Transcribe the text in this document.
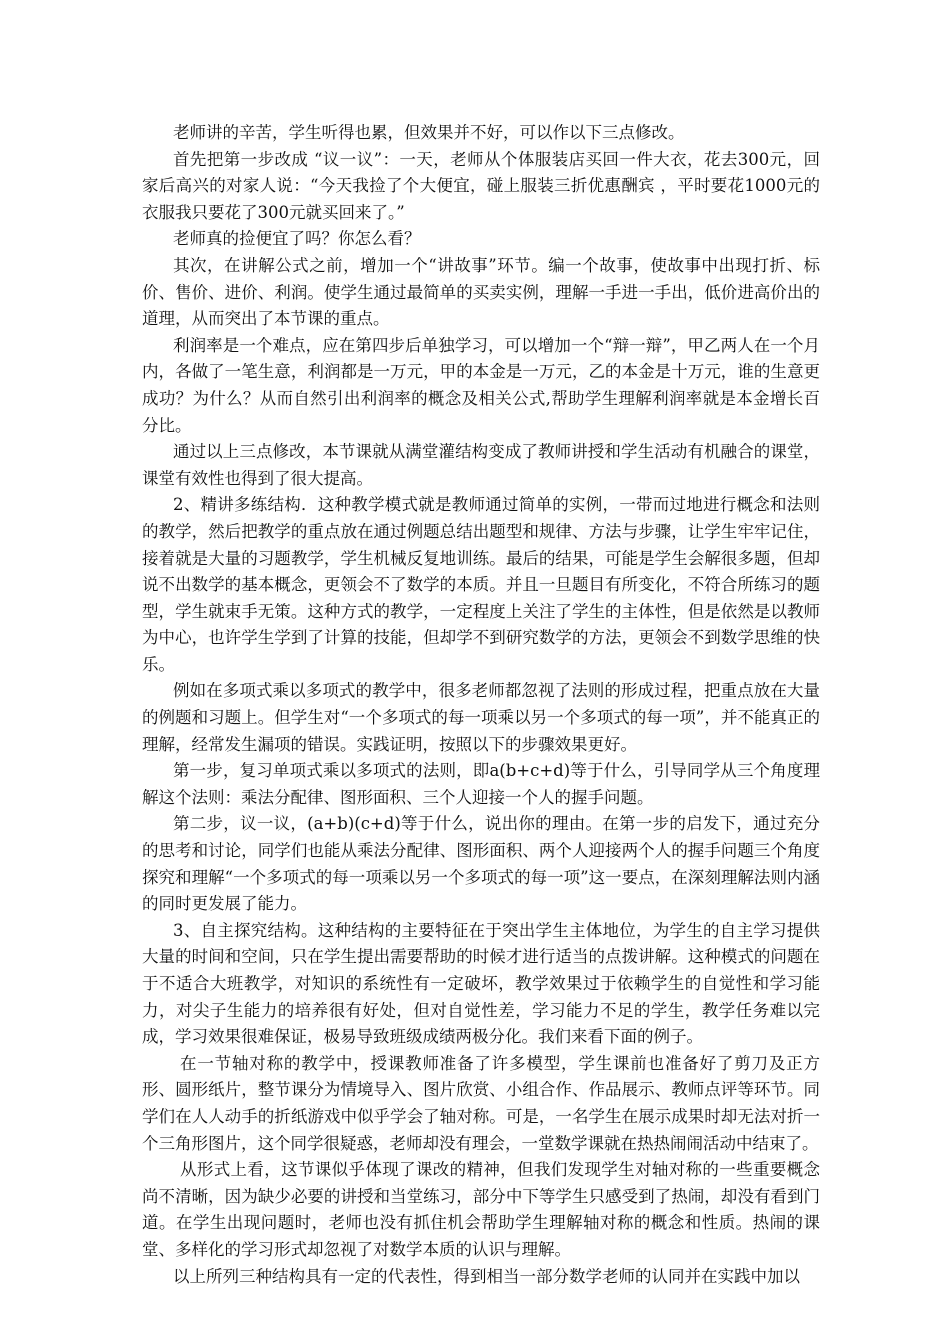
老师讲的辛苦，学生听得也累，但效果并不好，可以作以下三点修改。

首先把第一步改成 “议一议”：一天，老师从个体服装店买回一件大衣，花去300元，回家后高兴的对家人说：“今天我捡了个大便宜，碰上服装三折优惠酬宾 ，平时要花1000元的衣服我只要花了300元就买回来了。”

老师真的捡便宜了吗？你怎么看？

其次，在讲解公式之前，增加一个“讲故事”环节。编一个故事，使故事中出现打折、标价、售价、进价、利润。使学生通过最简单的买卖实例，理解一手进一手出，低价进高价出的道理，从而突出了本节课的重点。

利润率是一个难点，应在第四步后单独学习，可以增加一个“辩一辩”，甲乙两人在一个月内，各做了一笔生意，利润都是一万元，甲的本金是一万元，乙的本金是十万元，谁的生意更成功？为什么？从而自然引出利润率的概念及相关公式,帮助学生理解利润率就是本金增长百分比。

通过以上三点修改，本节课就从满堂灌结构变成了教师讲授和学生活动有机融合的课堂，课堂有效性也得到了很大提高。

2、精讲多练结构．这种教学模式就是教师通过简单的实例，一带而过地进行概念和法则的教学，然后把教学的重点放在通过例题总结出题型和规律、方法与步骤，让学生牢牢记住，接着就是大量的习题教学，学生机械反复地训练。最后的结果，可能是学生会解很多题，但却说不出数学的基本概念，更领会不了数学的本质。并且一旦题目有所变化，不符合所练习的题型，学生就束手无策。这种方式的教学，一定程度上关注了学生的主体性，但是依然是以教师为中心，也许学生学到了计算的技能，但却学不到研究数学的方法，更领会不到数学思维的快乐。

例如在多项式乘以多项式的教学中，很多老师都忽视了法则的形成过程，把重点放在大量的例题和习题上。但学生对“一个多项式的每一项乘以另一个多项式的每一项”，并不能真正的理解，经常发生漏项的错误。实践证明，按照以下的步骤效果更好。

第一步，复习单项式乘以多项式的法则，即a(b+c+d)等于什么，引导同学从三个角度理解这个法则：乘法分配律、图形面积、三个人迎接一个人的握手问题。

第二步，议一议，(a+b)(c+d)等于什么，说出你的理由。在第一步的启发下，通过充分的思考和讨论，同学们也能从乘法分配律、图形面积、两个人迎接两个人的握手问题三个角度探究和理解“一个多项式的每一项乘以另一个多项式的每一项”这一要点，在深刻理解法则内涵的同时更发展了能力。

3、自主探究结构。这种结构的主要特征在于突出学生主体地位，为学生的自主学习提供大量的时间和空间，只在学生提出需要帮助的时候才进行适当的点拨讲解。这种模式的问题在于不适合大班教学，对知识的系统性有一定破坏，教学效果过于依赖学生的自觉性和学习能力，对尖子生能力的培养很有好处，但对自觉性差，学习能力不足的学生，教学任务难以完成，学习效果很难保证，极易导致班级成绩两极分化。我们来看下面的例子。

在一节轴对称的教学中，授课教师准备了许多模型，学生课前也准备好了剪刀及正方形、圆形纸片，整节课分为情境导入、图片欣赏、小组合作、作品展示、教师点评等环节。同学们在人人动手的折纸游戏中似乎学会了轴对称。可是，一名学生在展示成果时却无法对折一个三角形图片，这个同学很疑惑，老师却没有理会，一堂数学课就在热热闹闹活动中结束了。

从形式上看，这节课似乎体现了课改的精神，但我们发现学生对轴对称的一些重要概念尚不清晰，因为缺少必要的讲授和当堂练习，部分中下等学生只感受到了热闹，却没有看到门道。在学生出现问题时，老师也没有抓住机会帮助学生理解轴对称的概念和性质。热闹的课堂、多样化的学习形式却忽视了对数学本质的认识与理解。

以上所列三种结构具有一定的代表性，得到相当一部分数学老师的认同并在实践中加以
